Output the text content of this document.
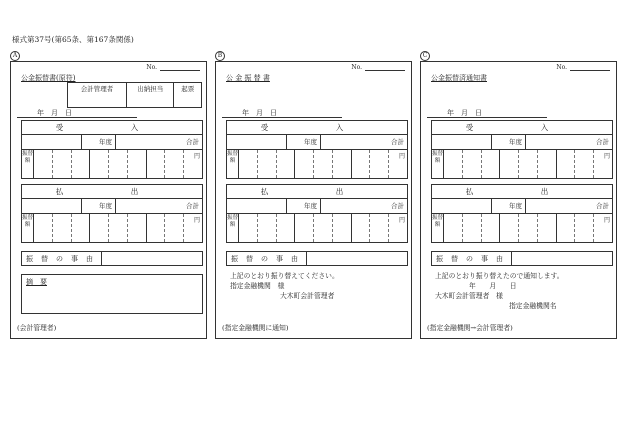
様式第37号(第65条、第167条関係)
A
No.
公金振替書(原符)
会計管理者	出納担当	起票
年　月　日
受　入
年度	合計
振替額
円
払　出
年度	合計
振替額
円
振替の事由
摘　要
(会計管理者)
B
No.
公 金 振 替 書
年　月　日
受　入
年度	合計
振替額
円
払　出
年度	合計
振替額
円
振替の事由
上記のとおり振り替えてください。
指定金融機関　様
大木町会計管理者
(指定金融機関に通知)
C
No.
公金振替済通知書
年　月　日
受　入
年度	合計
振替額
円
払　出
年度	合計
振替額
円
振替の事由
上記のとおり振り替えたので通知します。
年　　月　　日
大木町会計管理者　様
指定金融機関名
(指定金融機関→会計管理者)
